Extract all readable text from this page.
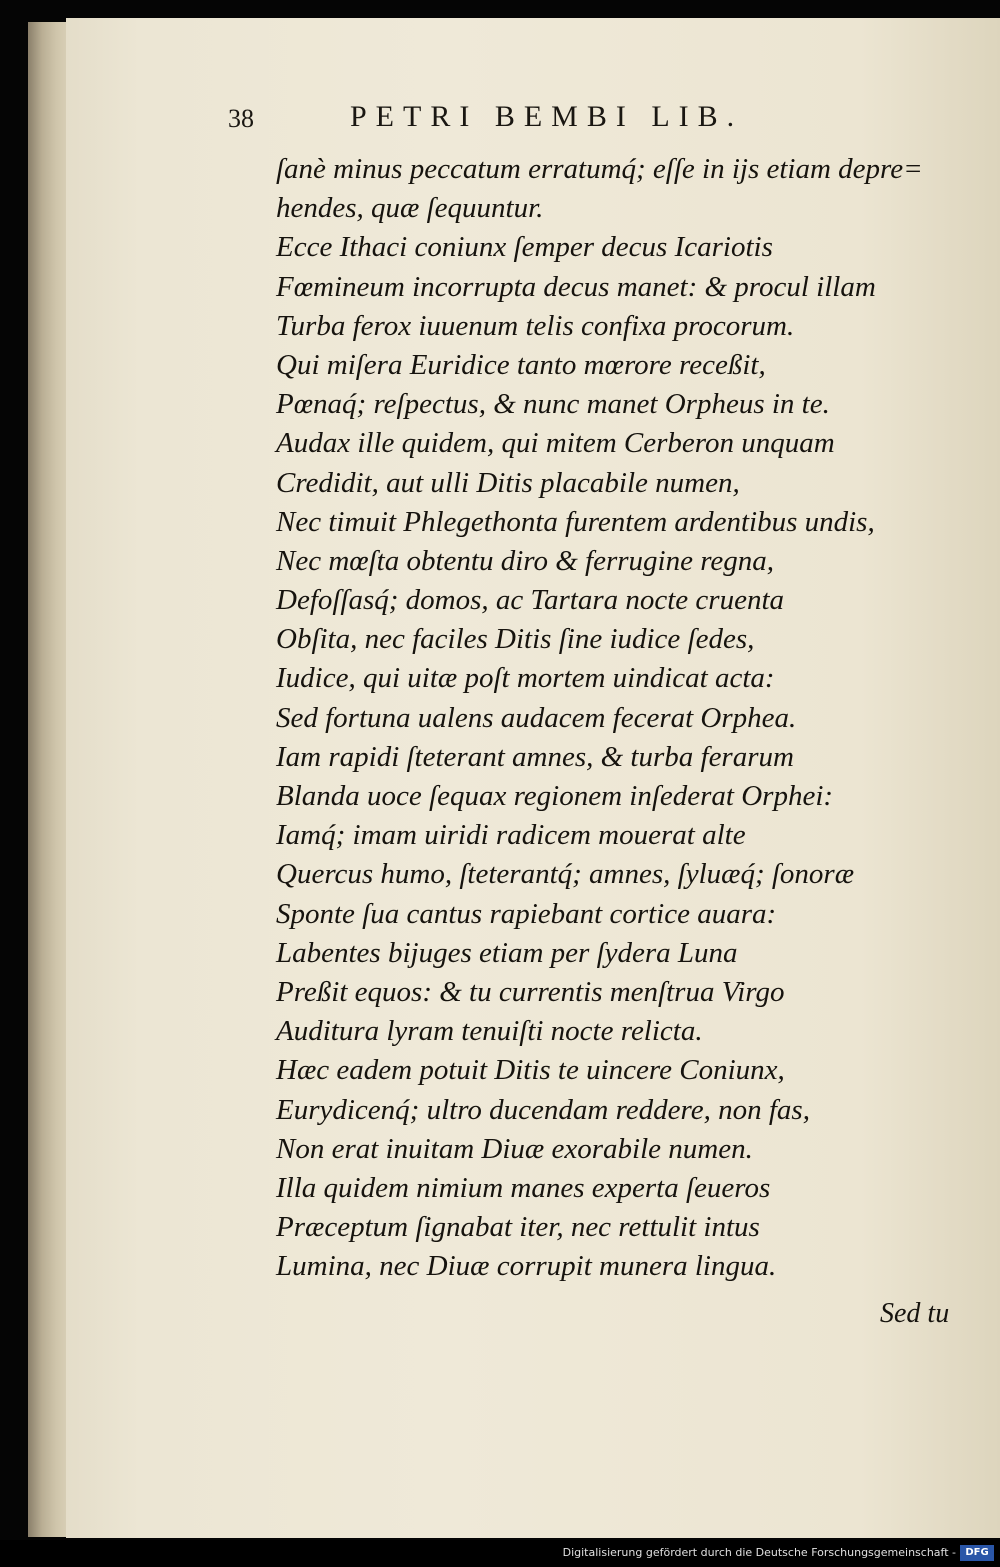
38	PETRI BEMBI LIB.
ſanè minus peccatum erratumq́; eſſe in ijs etiam depre=
hendes, quæ ſequuntur.
Ecce Ithaci coniunx ſemper decus Icariotis
Fœmineum incorrupta decus manet: & procul illam
Turba ferox iuuenum telis confixa procorum.
Qui miſera Euridice tanto mœrore receßit,
Pœnaq́; reſpectus, & nunc manet Orpheus in te.
Audax ille quidem, qui mitem Cerberon unquam
Credidit, aut ulli Ditis placabile numen,
Nec timuit Phlegethonta furentem ardentibus undis,
Nec mœſta obtentu diro & ferrugine regna,
Defoſſasq́; domos, ac Tartara nocte cruenta
Obſita, nec faciles Ditis ſine iudice ſedes,
Iudice, qui uitæ poſt mortem uindicat acta:
Sed fortuna ualens audacem fecerat Orphea.
Iam rapidi ſteterant amnes, & turba ferarum
Blanda uoce ſequax regionem inſederat Orphei:
Iamq́; imam uiridi radicem mouerat alte
Quercus humo, ſteterantq́; amnes, ſyluæq́; ſonoræ
Sponte ſua cantus rapiebant cortice auara:
Labentes bijuges etiam per ſydera Luna
Preßit equos: & tu currentis menſtrua Virgo
Auditura lyram tenuiſti nocte relicta.
Hæc eadem potuit Ditis te uincere Coniunx,
Eurydicenq́; ultro ducendam reddere, non fas,
Non erat inuitam Diuæ exorabile numen.
Illa quidem nimium manes experta ſeueros
Præceptum ſignabat iter, nec rettulit intus
Lumina, nec Diuæ corrupit munera lingua.
Sed tu
Digitalisierung gefördert durch die Deutsche Forschungsgemeinschaft - DFG
